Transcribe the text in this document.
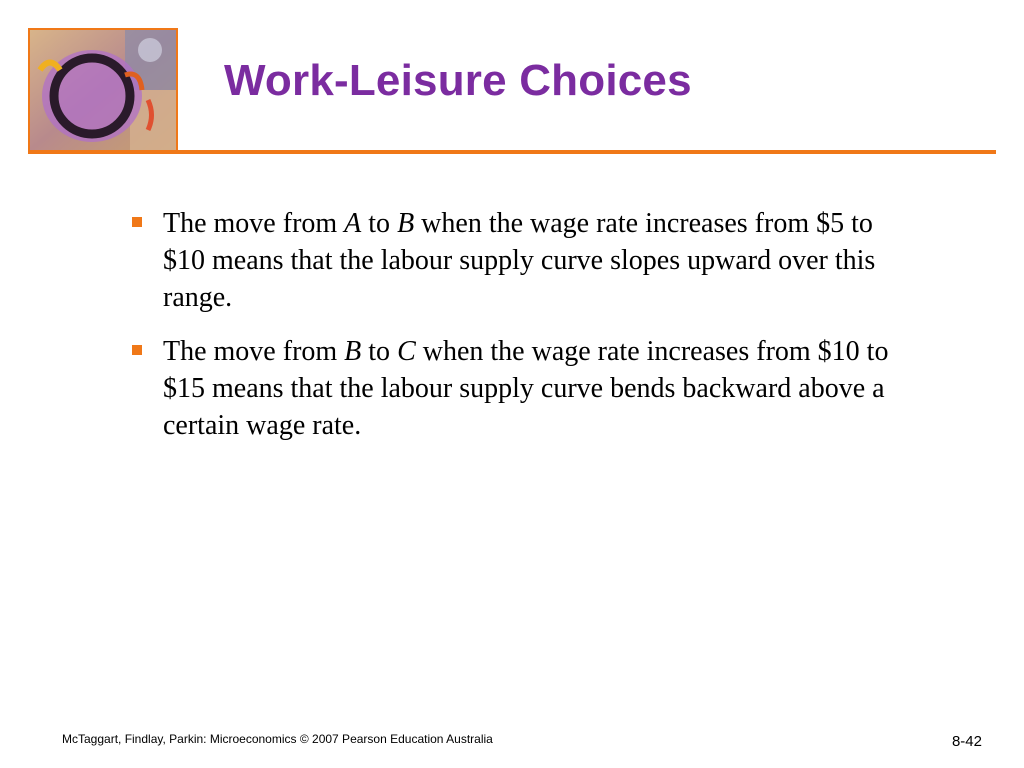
Work-Leisure Choices
The move from A to B when the wage rate increases from $5 to $10 means that the labour supply curve slopes upward over this range.
The move from B to C when the wage rate increases from $10 to $15 means that the labour supply curve bends backward above a certain wage rate.
McTaggart, Findlay, Parkin: Microeconomics © 2007 Pearson Education Australia	8-42
